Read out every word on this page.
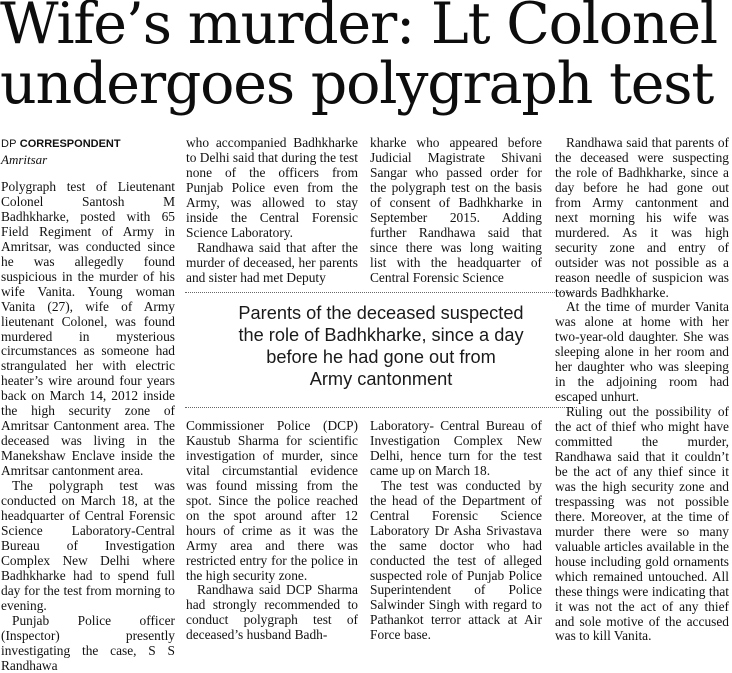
Wife’s murder: Lt Colonel
undergoes polygraph test
DP CORRESPONDENT
Amritsar

Polygraph test of Lieutenant Colonel Santosh M Badhkharke, posted with 65 Field Regiment of Army in Amritsar, was conducted since he was allegedly found suspicious in the murder of his wife Vanita. Young woman Vanita (27), wife of Army lieutenant Colonel, was found murdered in mysterious circumstances as someone had strangulated her with electric heater’s wire around four years back on March 14, 2012 inside the high security zone of Amritsar Cantonment area. The deceased was living in the Manekshaw Enclave inside the Amritsar cantonment area.

The polygraph test was conducted on March 18, at the headquarter of Central Forensic Science Laboratory-Central Bureau of Investigation Complex New Delhi where Badhkharke had to spend full day for the test from morning to evening.

Punjab Police officer (Inspector) presently investigating the case, S S Randhawa

who accompanied Badhkharke to Delhi said that during the test none of the officers from Punjab Police even from the Army, was allowed to stay inside the Central Forensic Science Laboratory.

Randhawa said that after the murder of deceased, her parents and sister had met Deputy

kharke who appeared before Judicial Magistrate Shivani Sangar who passed order for the polygraph test on the basis of consent of Badhkharke in September 2015. Adding further Randhawa said that since there was long waiting list with the headquarter of Central Forensic Science

Parents of the deceased suspected
the role of Badhkharke, since a day
before he had gone out from
Army cantonment

Commissioner Police (DCP) Kaustub Sharma for scientific investigation of murder, since vital circumstantial evidence was found missing from the spot. Since the police reached on the spot around after 12 hours of crime as it was the Army area and there was restricted entry for the police in the high security zone.

Randhawa said DCP Sharma had strongly recommended to conduct polygraph test of deceased’s husband Badh-

Laboratory- Central Bureau of Investigation Complex New Delhi, hence turn for the test came up on March 18.

The test was conducted by the head of the Department of Central Forensic Science Laboratory Dr Asha Srivastava the same doctor who had conducted the test of alleged suspected role of Punjab Police Superintendent of Police Salwinder Singh with regard to Pathankot terror attack at Air Force base.

Randhawa said that parents of the deceased were suspecting the role of Badhkharke, since a day before he had gone out from Army cantonment and next morning his wife was murdered. As it was high security zone and entry of outsider was not possible as a reason needle of suspicion was towards Badhkharke.

At the time of murder Vanita was alone at home with her two-year-old daughter. She was sleeping alone in her room and her daughter who was sleeping in the adjoining room had escaped unhurt.

Ruling out the possibility of the act of thief who might have committed the murder, Randhawa said that it couldn’t be the act of any thief since it was the high security zone and trespassing was not possible there. Moreover, at the time of murder there were so many valuable articles available in the house including gold ornaments which remained untouched. All these things were indicating that it was not the act of any thief and sole motive of the accused was to kill Vanita.
